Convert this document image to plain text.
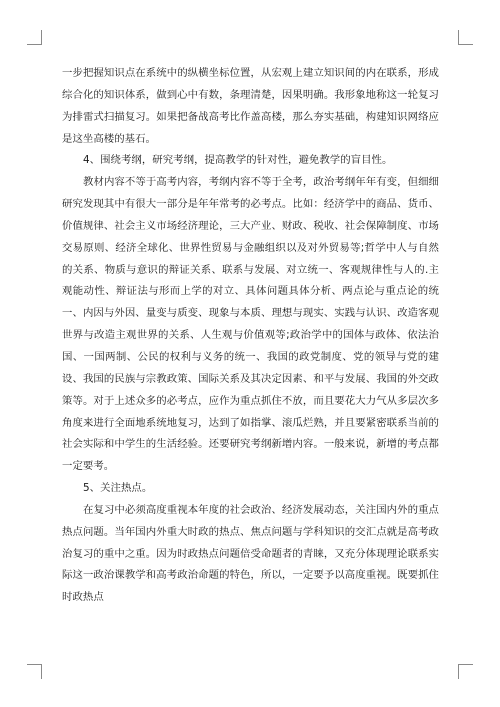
一步把握知识点在系统中的纵横坐标位置，从宏观上建立知识间的内在联系，形成综合化的知识体系，做到心中有数，条理清楚，因果明确。我形象地称这一轮复习为排雷式扫描复习。如果把备战高考比作盖高楼，那么夯实基础，构建知识网络应是这坐高楼的基石。

4、围绕考纲，研究考纲，提高教学的针对性，避免教学的盲目性。

教材内容不等于高考内容，考纲内容不等于全考，政治考纲年年有变，但细细研究发现其中有很大一部分是年年常考的必考点。比如：经济学中的商品、货币、价值规律、社会主义市场经济理论，三大产业、财政、税收、社会保障制度、市场交易原则、经济全球化、世界性贸易与金融组织以及对外贸易等;哲学中人与自然的关系、物质与意识的辩证关系、联系与发展、对立统一、客观规律性与人的.主观能动性、辩证法与形而上学的对立、具体问题具体分析、两点论与重点论的统一、内因与外因、量变与质变、现象与本质、理想与现实、实践与认识、改造客观世界与改造主观世界的关系、人生观与价值观等;政治学中的国体与政体、依法治国、一国两制、公民的权利与义务的统一、我国的政党制度、党的领导与党的建设、我国的民族与宗教政策、国际关系及其决定因素、和平与发展、我国的外交政策等。对于上述众多的必考点，应作为重点抓住不放，而且要花大力气从多层次多角度来进行全面地系统地复习，达到了如指掌、滚瓜烂熟，并且要紧密联系当前的社会实际和中学生的生活经验。还要研究考纲新增内容。一般来说，新增的考点都一定要考。

5、关注热点。

在复习中必须高度重视本年度的社会政治、经济发展动态，关注国内外的重点热点问题。当年国内外重大时政的热点、焦点问题与学科知识的交汇点就是高考政治复习的重中之重。因为时政热点问题倍受命题者的青睐，又充分体现理论联系实际这一政治课教学和高考政治命题的特色，所以，一定要予以高度重视。既要抓住时政热点
